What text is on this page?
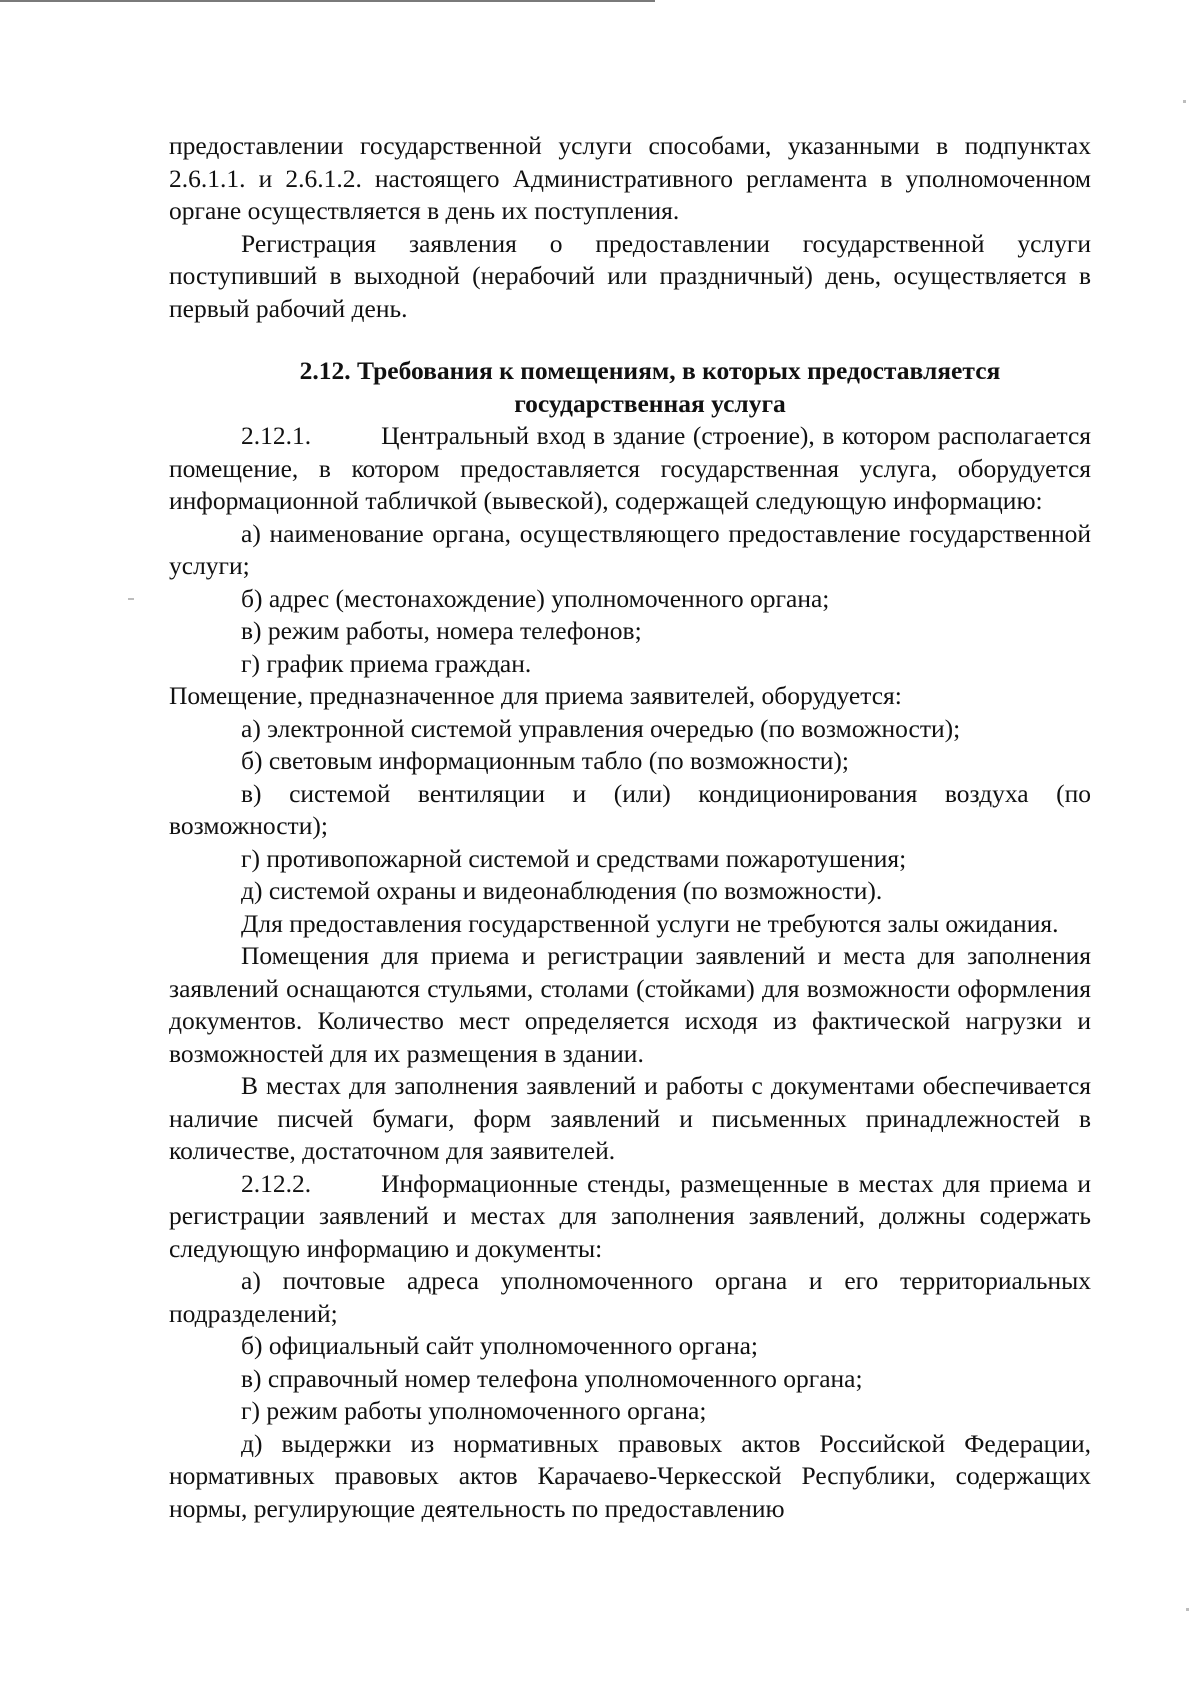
предоставлении государственной услуги способами, указанными в подпунктах 2.6.1.1. и 2.6.1.2. настоящего Административного регламента в уполномоченном органе осуществляется в день их поступления.

Регистрация заявления о предоставлении государственной услуги поступивший в выходной (нерабочий или праздничный) день, осуществляется в первый рабочий день.

2.12. Требования к помещениям, в которых предоставляется
государственная услуга

2.12.1.	Центральный вход в здание (строение), в котором располагается помещение, в котором предоставляется государственная услуга, оборудуется информационной табличкой (вывеской), содержащей следующую информацию:

а) наименование органа, осуществляющего предоставление государственной услуги;

б) адрес (местонахождение) уполномоченного органа;

в) режим работы, номера телефонов;

г) график приема граждан.

Помещение, предназначенное для приема заявителей, оборудуется:

а) электронной системой управления очередью (по возможности);

б) световым информационным табло (по возможности);

в) системой вентиляции и (или) кондиционирования воздуха (по возможности);

г) противопожарной системой и средствами пожаротушения;

д) системой охраны и видеонаблюдения (по возможности).

Для предоставления государственной услуги не требуются залы ожидания.

Помещения для приема и регистрации заявлений и места для заполнения заявлений оснащаются стульями, столами (стойками) для возможности оформления документов. Количество мест определяется исходя из фактической нагрузки и возможностей для их размещения в здании.

В местах для заполнения заявлений и работы с документами обеспечивается наличие писчей бумаги, форм заявлений и письменных принадлежностей в количестве, достаточном для заявителей.

2.12.2.	Информационные стенды, размещенные в местах для приема и регистрации заявлений и местах для заполнения заявлений, должны содержать следующую информацию и документы:

а) почтовые адреса уполномоченного органа и его территориальных подразделений;

б) официальный сайт уполномоченного органа;

в) справочный номер телефона уполномоченного органа;

г) режим работы уполномоченного органа;

д) выдержки из нормативных правовых актов Российской Федерации, нормативных правовых актов Карачаево-Черкесской Республики, содержащих нормы, регулирующие деятельность по предоставлению
